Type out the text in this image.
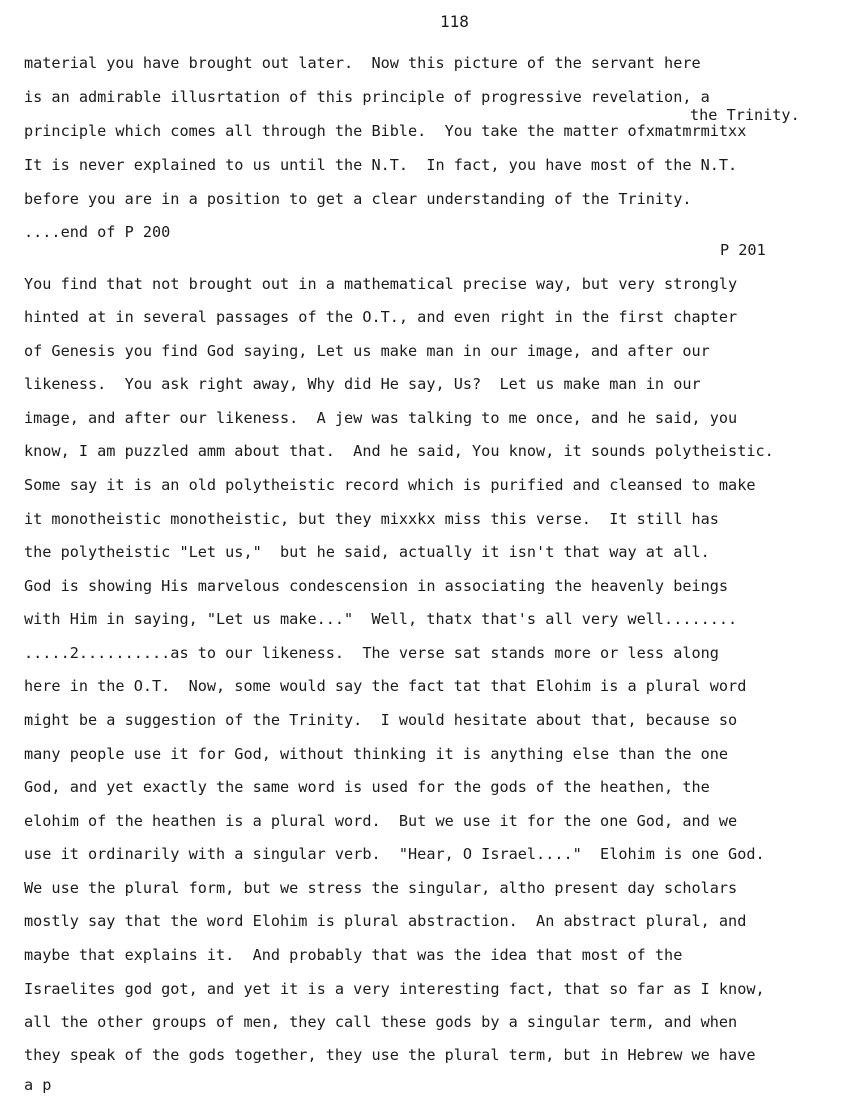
118
material you have brought out later.  Now this picture of the servant here
is an admirable illusrtation of this principle of progressive revelation, a
the Trinity.
principle which comes all through the Bible.  You take the matter ofxmatmrmitxx
It is never explained to us until the N.T.  In fact, you have most of the N.T.
before you are in a position to get a clear understanding of the Trinity.
....end of P 200
P 201
You find that not brought out in a mathematical precise way, but very strongly
hinted at in several passages of the O.T., and even right in the first chapter
of Genesis you find God saying, Let us make man in our image, and after our
likeness.  You ask right away, Why did He say, Us?  Let us make man in our
image, and after our likeness.  A jew was talking to me once, and he said, you
know, I am puzzled amm about that.  And he said, You know, it sounds polytheistic.
Some say it is an old polytheistic record which is purified and cleansed to make
it monotheistic monotheistic, but they mixxkx miss this verse.  It still has
the polytheistic "Let us,"  but he said, actually it isn't that way at all.
God is showing His marvelous condescension in associating the heavenly beings
with Him in saying, "Let us make..."  Well, thatx that's all very well........
.....2..........as to our likeness.  The verse sat stands more or less along
here in the O.T.  Now, some would say the fact tat that Elohim is a plural word
might be a suggestion of the Trinity.  I would hesitate about that, because so
many people use it for God, without thinking it is anything else than the one
God, and yet exactly the same word is used for the gods of the heathen, the
elohim of the heathen is a plural word.  But we use it for the one God, and we
use it ordinarily with a singular verb.  "Hear, O Israel...."  Elohim is one God.
We use the plural form, but we stress the singular, altho present day scholars
mostly say that the word Elohim is plural abstraction.  An abstract plural, and
maybe that explains it.  And probably that was the idea that most of the
Israelites god got, and yet it is a very interesting fact, that so far as I know,
all the other groups of men, they call these gods by a singular term, and when
they speak of the gods together, they use the plural term, but in Hebrew we have
a p
